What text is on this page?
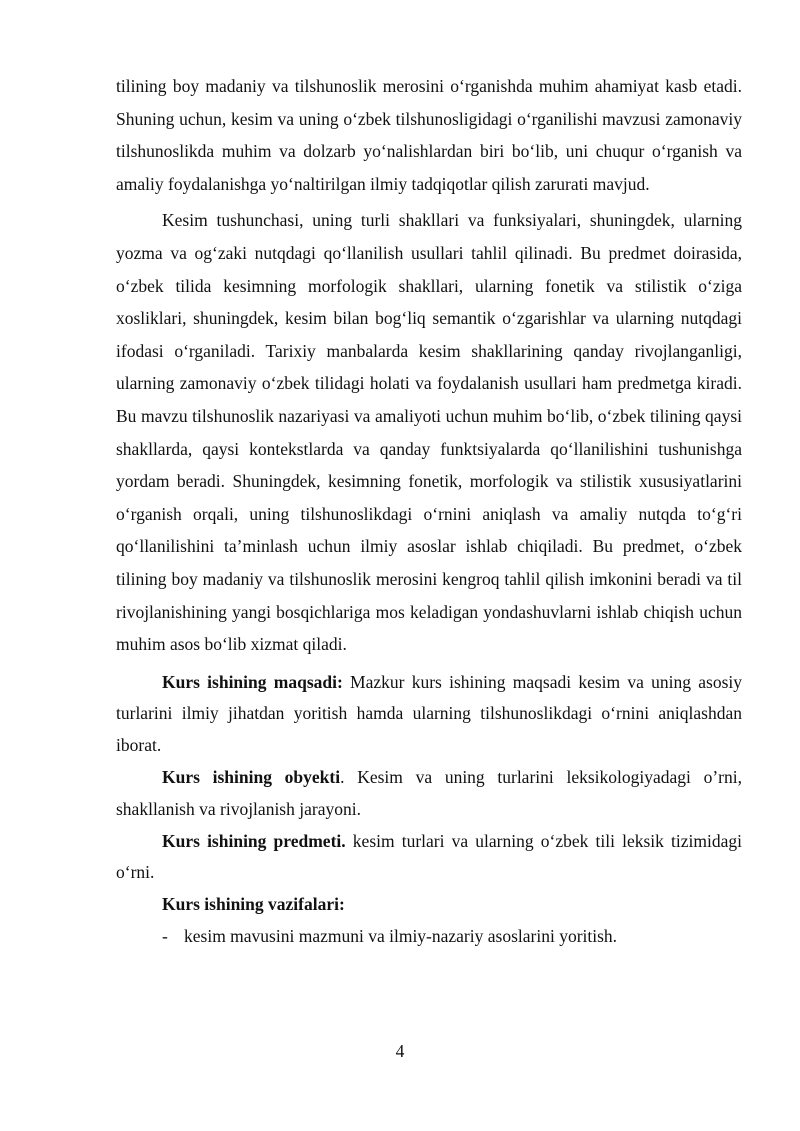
tilining boy madaniy va tilshunoslik merosini o‘rganishda muhim ahamiyat kasb etadi. Shuning uchun, kesim va uning o‘zbek tilshunosligidagi o‘rganilishi mavzusi zamonaviy tilshunoslikda muhim va dolzarb yo‘nalishlardan biri bo‘lib, uni chuqur o‘rganish va amaliy foydalanishga yo‘naltirilgan ilmiy tadqiqotlar qilish zarurati mavjud.

Kesim tushunchasi, uning turli shakllari va funksiyalari, shuningdek, ularning yozma va og‘zaki nutqdagi qo‘llanilish usullari tahlil qilinadi. Bu predmet doirasida, o‘zbek tilida kesimning morfologik shakllari, ularning fonetik va stilistik o‘ziga xosliklari, shuningdek, kesim bilan bog‘liq semantik o‘zgarishlar va ularning nutqdagi ifodasi o‘rganiladi. Tarixiy manbalarda kesim shakllarining qanday rivojlanganligi, ularning zamonaviy o‘zbek tilidagi holati va foydalanish usullari ham predmetga kiradi. Bu mavzu tilshunoslik nazariyasi va amaliyoti uchun muhim bo‘lib, o‘zbek tilining qaysi shakllarda, qaysi kontekstlarda va qanday funktsiyalarda qo‘llanilishini tushunishga yordam beradi. Shuningdek, kesimning fonetik, morfologik va stilistik xususiyatlarini o‘rganish orqali, uning tilshunoslikdagi o‘rnini aniqlash va amaliy nutqda to‘g‘ri qo‘llanilishini ta’minlash uchun ilmiy asoslar ishlab chiqiladi. Bu predmet, o‘zbek tilining boy madaniy va tilshunoslik merosini kengroq tahlil qilish imkonini beradi va til rivojlanishining yangi bosqichlariga mos keladigan yondashuvlarni ishlab chiqish uchun muhim asos bo‘lib xizmat qiladi.

Kurs ishining maqsadi: Mazkur kurs ishining maqsadi kesim va uning asosiy turlarini ilmiy jihatdan yoritish hamda ularning tilshunoslikdagi o‘rnini aniqlashdan iborat.

Kurs ishining obyekti. Kesim va uning turlarini leksikologiyadagi o’rni, shakllanish va rivojlanish jarayoni.

Kurs ishining predmeti. kesim turlari va ularning o‘zbek tili leksik tizimidagi o‘rni.

Kurs ishining vazifalari:

- kesim mavusini mazmuni va ilmiy-nazariy asoslarini yoritish.

4
